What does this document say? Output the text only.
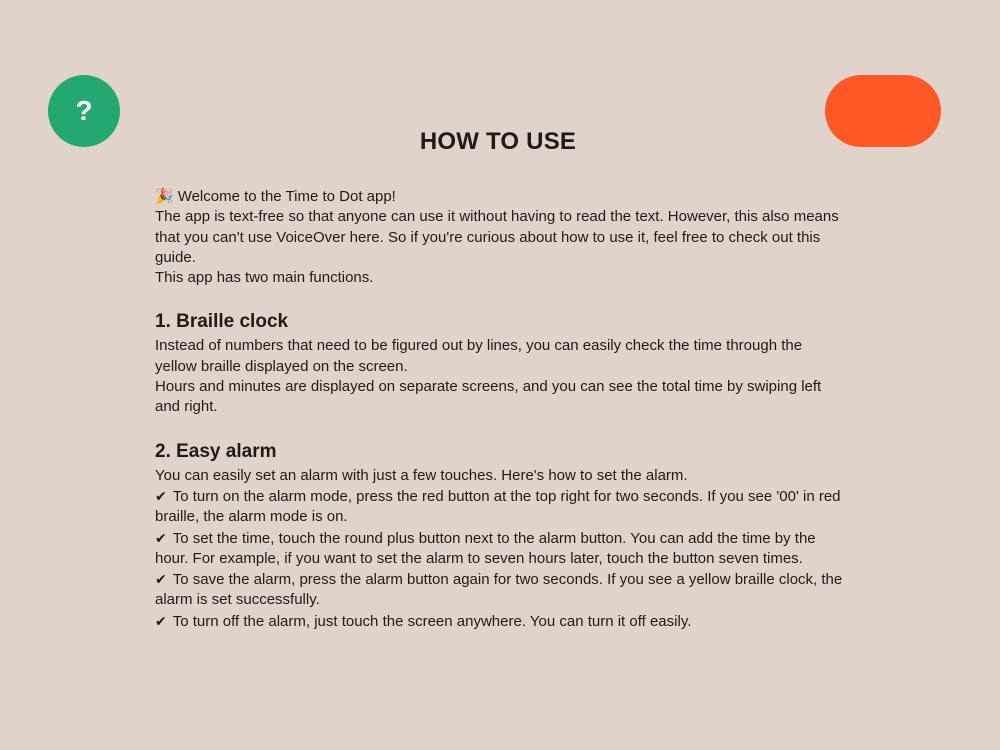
?
HOW TO USE

🎉 Welcome to the Time to Dot app!

The app is text-free so that anyone can use it without having to read the text. However, this also means that you can't use VoiceOver here. So if you're curious about how to use it, feel free to check out this guide.

This app has two main functions.

1. Braille clock

Instead of numbers that need to be figured out by lines, you can easily check the time through the yellow braille displayed on the screen.

Hours and minutes are displayed on separate screens, and you can see the total time by swiping left and right.

2. Easy alarm

You can easily set an alarm with just a few touches. Here's how to set the alarm.

✔ To turn on the alarm mode, press the red button at the top right for two seconds. If you see '00' in red braille, the alarm mode is on.

✔ To set the time, touch the round plus button next to the alarm button. You can add the time by the hour. For example, if you want to set the alarm to seven hours later, touch the button seven times.

✔ To save the alarm, press the alarm button again for two seconds. If you see a yellow braille clock, the alarm is set successfully.

✔ To turn off the alarm, just touch the screen anywhere. You can turn it off easily.
